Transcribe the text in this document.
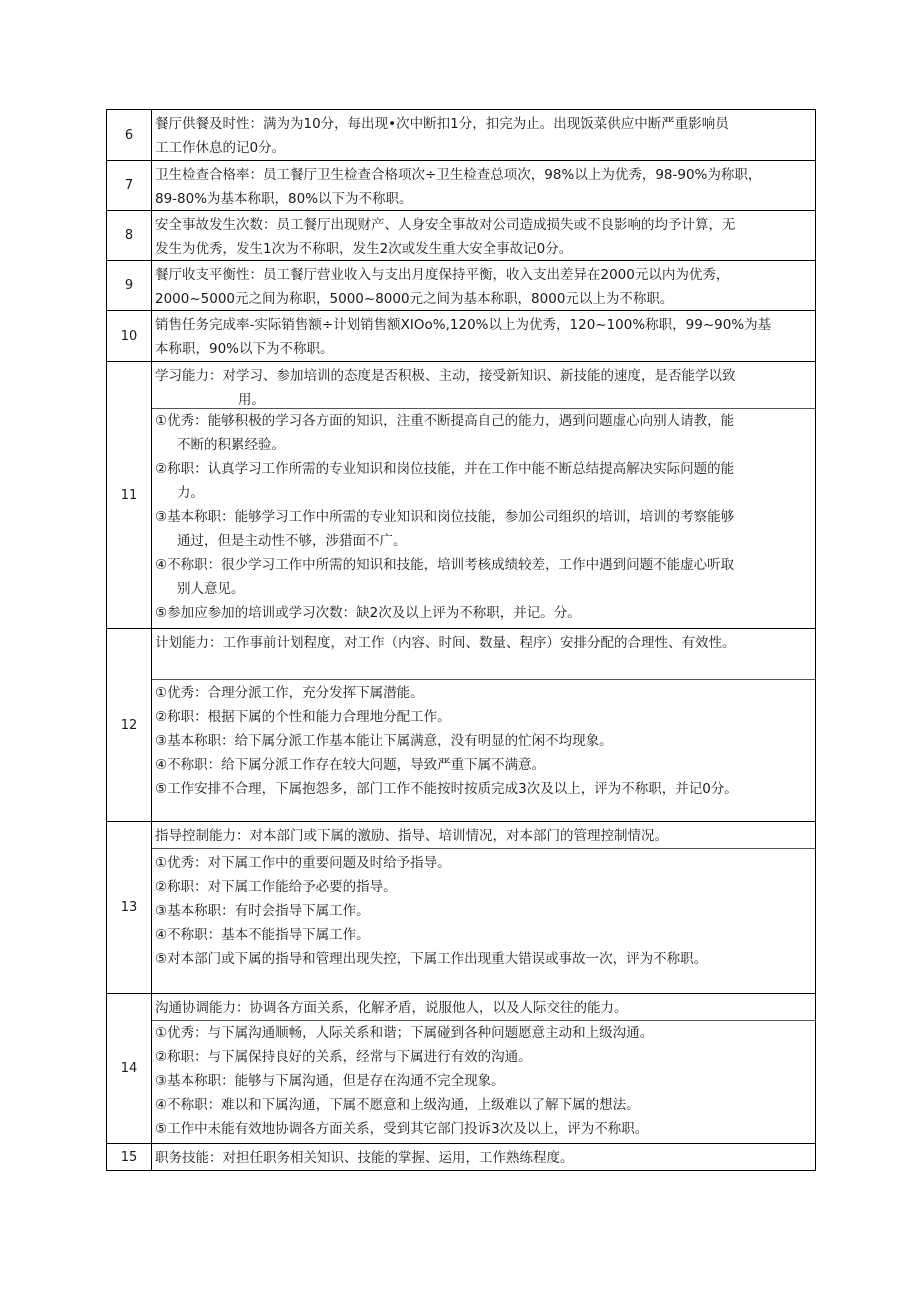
6
餐厅供餐及时性：满为为10分，每出现•次中断扣1分，扣完为止。出现饭菜供应中断严重影响员
工工作休息的记0分。
7
卫生检查合格率：员工餐厅卫生检查合格项次÷卫生检查总项次，98%以上为优秀，98-90%为称职，
89-80%为基本称职，80%以下为不称职。
8
安全事故发生次数：员工餐厅出现财产、人身安全事故对公司造成损失或不良影响的均予计算，无
发生为优秀，发生1次为不称职，发生2次或发生重大安全事故记0分。
9
餐厅收支平衡性：员工餐厅营业收入与支出月度保持平衡，收入支出差异在2000元以内为优秀，
2000~5000元之间为称职，5000~8000元之间为基本称职，8000元以上为不称职。
10
销售任务完成率-实际销售额÷计划销售额XIOo%,120%以上为优秀，120~100%称职，99~90%为基
本称职，90%以下为不称职。
11
学习能力：对学习、参加培训的态度是否积极、主动，接受新知识、新技能的速度，是否能学以致
用。
①优秀：能够积极的学习各方面的知识，注重不断提高自己的能力，遇到问题虚心向别人请教，能
不断的积累经验。
②称职：认真学习工作所需的专业知识和岗位技能，并在工作中能不断总结提高解决实际问题的能
力。
③基本称职：能够学习工作中所需的专业知识和岗位技能，参加公司组织的培训，培训的考察能够
通过，但是主动性不够，涉猎面不广。
④不称职：很少学习工作中所需的知识和技能，培训考核成绩较差，工作中遇到问题不能虚心听取
别人意见。
⑤参加应参加的培训或学习次数：缺2次及以上评为不称职，并记。分。
12
计划能力：工作事前计划程度，对工作（内容、时间、数量、程序）安排分配的合理性、有效性。
①优秀：合理分派工作，充分发挥下属潜能。
②称职：根据下属的个性和能力合理地分配工作。
③基本称职：给下属分派工作基本能让下属满意，没有明显的忙闲不均现象。
④不称职：给下属分派工作存在较大问题，导致严重下属不满意。
⑤工作安排不合理，下属抱怨多，部门工作不能按时按质完成3次及以上，评为不称职，并记0分。
13
指导控制能力：对本部门或下属的激励、指导、培训情况，对本部门的管理控制情况。
①优秀：对下属工作中的重要问题及时给予指导。
②称职：对下属工作能给予必要的指导。
③基本称职：有时会指导下属工作。
④不称职：基本不能指导下属工作。
⑤对本部门或下属的指导和管理出现失控，下属工作出现重大错误或事故一次，评为不称职。
14
沟通协调能力：协调各方面关系，化解矛盾，说服他人，以及人际交往的能力。
①优秀：与下属沟通顺畅，人际关系和谐；下属碰到各种问题愿意主动和上级沟通。
②称职：与下属保持良好的关系，经常与下属进行有效的沟通。
③基本称职：能够与下属沟通，但是存在沟通不完全现象。
④不称职：难以和下属沟通，下属不愿意和上级沟通，上级难以了解下属的想法。
⑤工作中未能有效地协调各方面关系，受到其它部门投诉3次及以上，评为不称职。
15	职务技能：对担任职务相关知识、技能的掌握、运用，工作熟练程度。
